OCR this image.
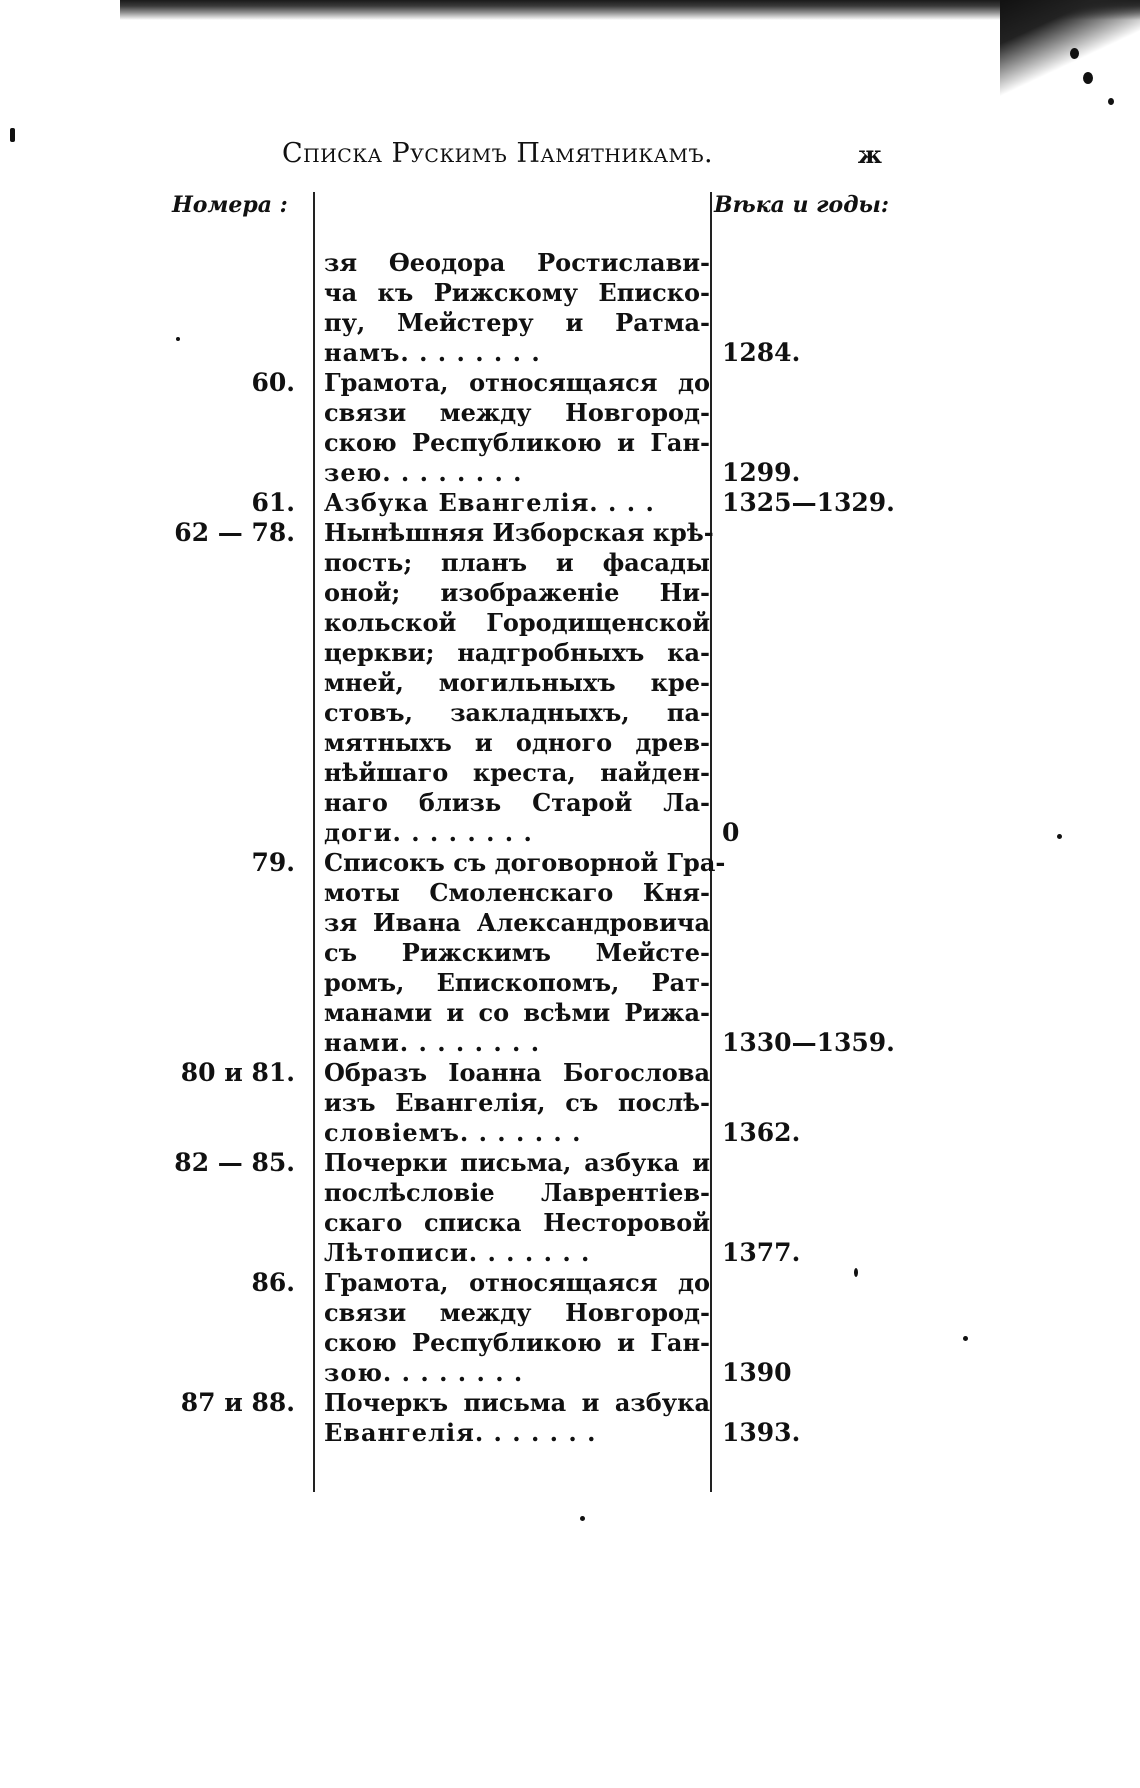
Списка Рускимъ Памятникамъ.	ж
Номера :	Вѣка и годы:
зя Өеодора Ростислави-
ча къ Рижскому Еписко-
пу, Мейстеру и Ратма-
намъ. . . . . . . .	1284.
60. Грамота, относящаяся до
связи между Новгород-
скою Республикою и Ган-
зею. . . . . . . .	1299.
61. Азбука Евангелія. . . .	1325—1329.
62 — 78. Нынѣшняя Изборская крѣ-
пость; планъ и фасады
оной; изображеніе Ни-
кольской Городищенской
церкви; надгробныхъ ка-
мней, могильныхъ кре-
стовъ, закладныхъ, па-
мятныхъ и одного древ-
нѣйшаго креста, найден-
наго близь Старой Ла-
доги. . . . . . . .	0
79. Списокъ съ договорной Гра-
моты Смоленскаго Кня-
зя Ивана Александровича
съ Рижскимъ Мейсте-
ромъ, Епископомъ, Рат-
манами и со всѣми Рижа-
нами. . . . . . . .	1330—1359.
80 и 81. Образъ Іоанна Богослова
изъ Евангелія, съ послѣ-
словіемъ. . . . . . .	1362.
82 — 85. Почерки письма, азбука и
послѣсловіе Лаврентіев-
скаго списка Несторовой
Лѣтописи. . . . . . .	1377.
86. Грамота, относящаяся до
связи между Новгород-
скою Республикою и Ган-
зою. . . . . . . .	1390
87 и 88. Почеркъ письма и азбука
Евангелія. . . . . . .	1393.
